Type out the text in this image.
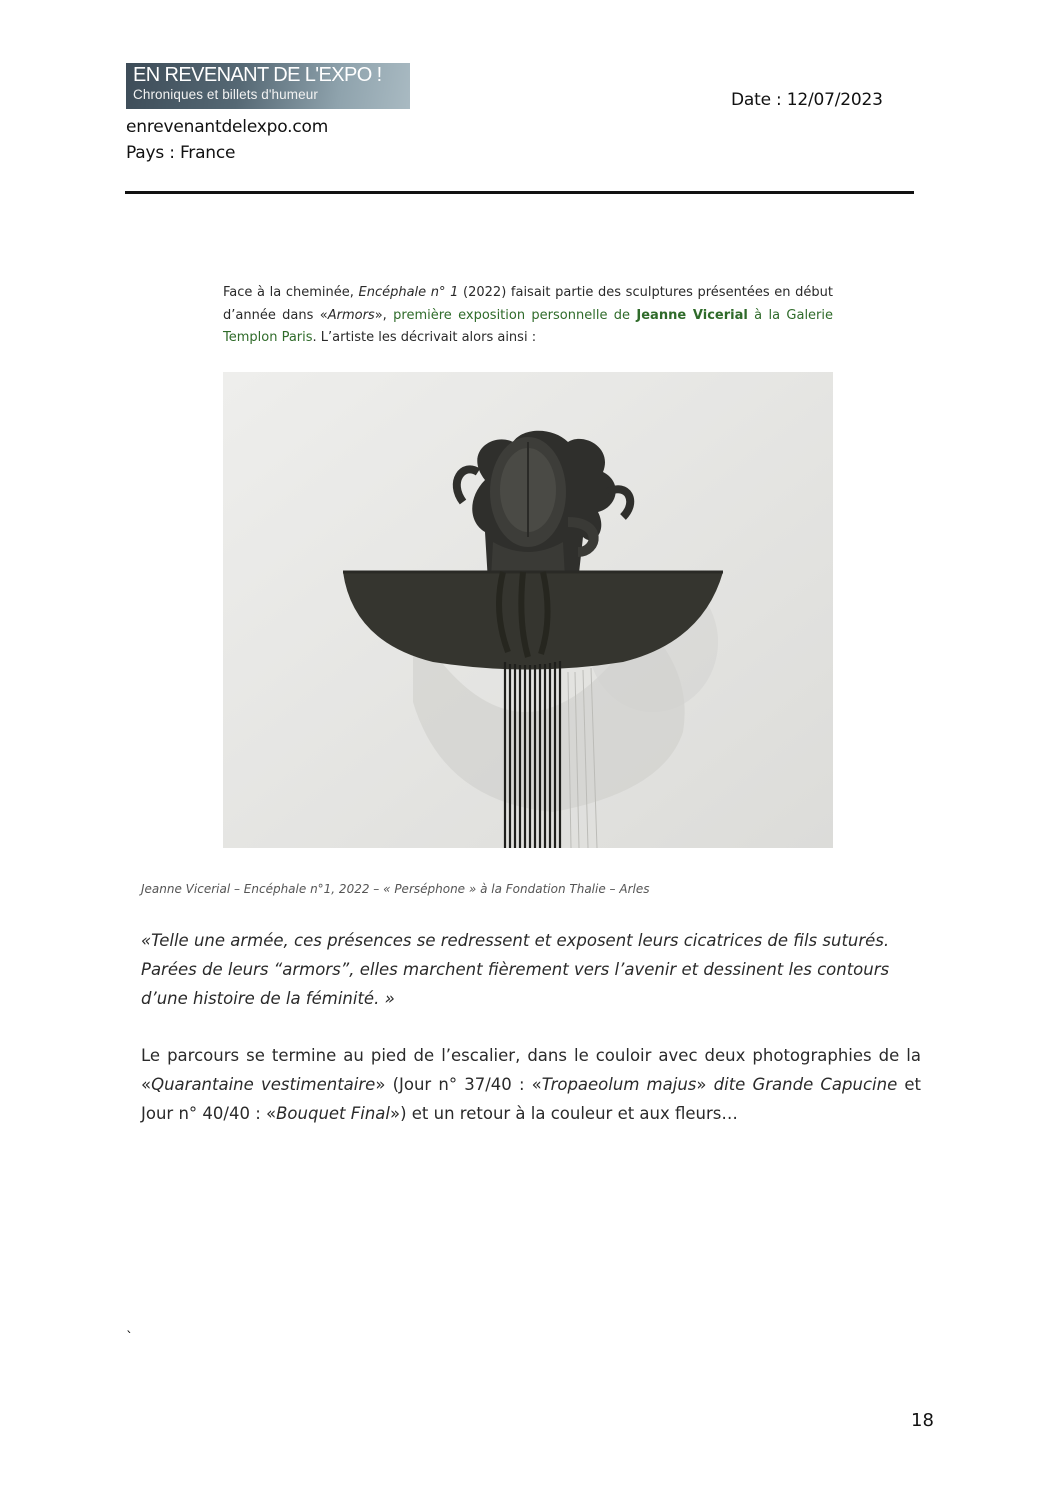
EN REVENANT DE L'EXPO !
Chroniques et billets d'humeur
enrevenantdelexpo.com
Pays : France
Date : 12/07/2023

Face à la cheminée, Encéphale n° 1 (2022) faisait partie des sculptures présentées en début d’année dans «Armors», première exposition personnelle de Jeanne Vicerial à la Galerie Templon Paris. L’artiste les décrivait alors ainsi :

Jeanne Vicerial – Encéphale n°1, 2022 – « Perséphone » à la Fondation Thalie – Arles

«Telle une armée, ces présences se redressent et exposent leurs cicatrices de fils suturés. Parées de leurs “armors”, elles marchent fièrement vers l’avenir et dessinent les contours d’une histoire de la féminité. »

Le parcours se termine au pied de l’escalier, dans le couloir avec deux photographies de la «Quarantaine vestimentaire» (Jour n° 37/40 : «Tropaeolum majus» dite Grande Capucine et Jour n° 40/40 : «Bouquet Final») et un retour à la couleur et aux fleurs…

`
18
